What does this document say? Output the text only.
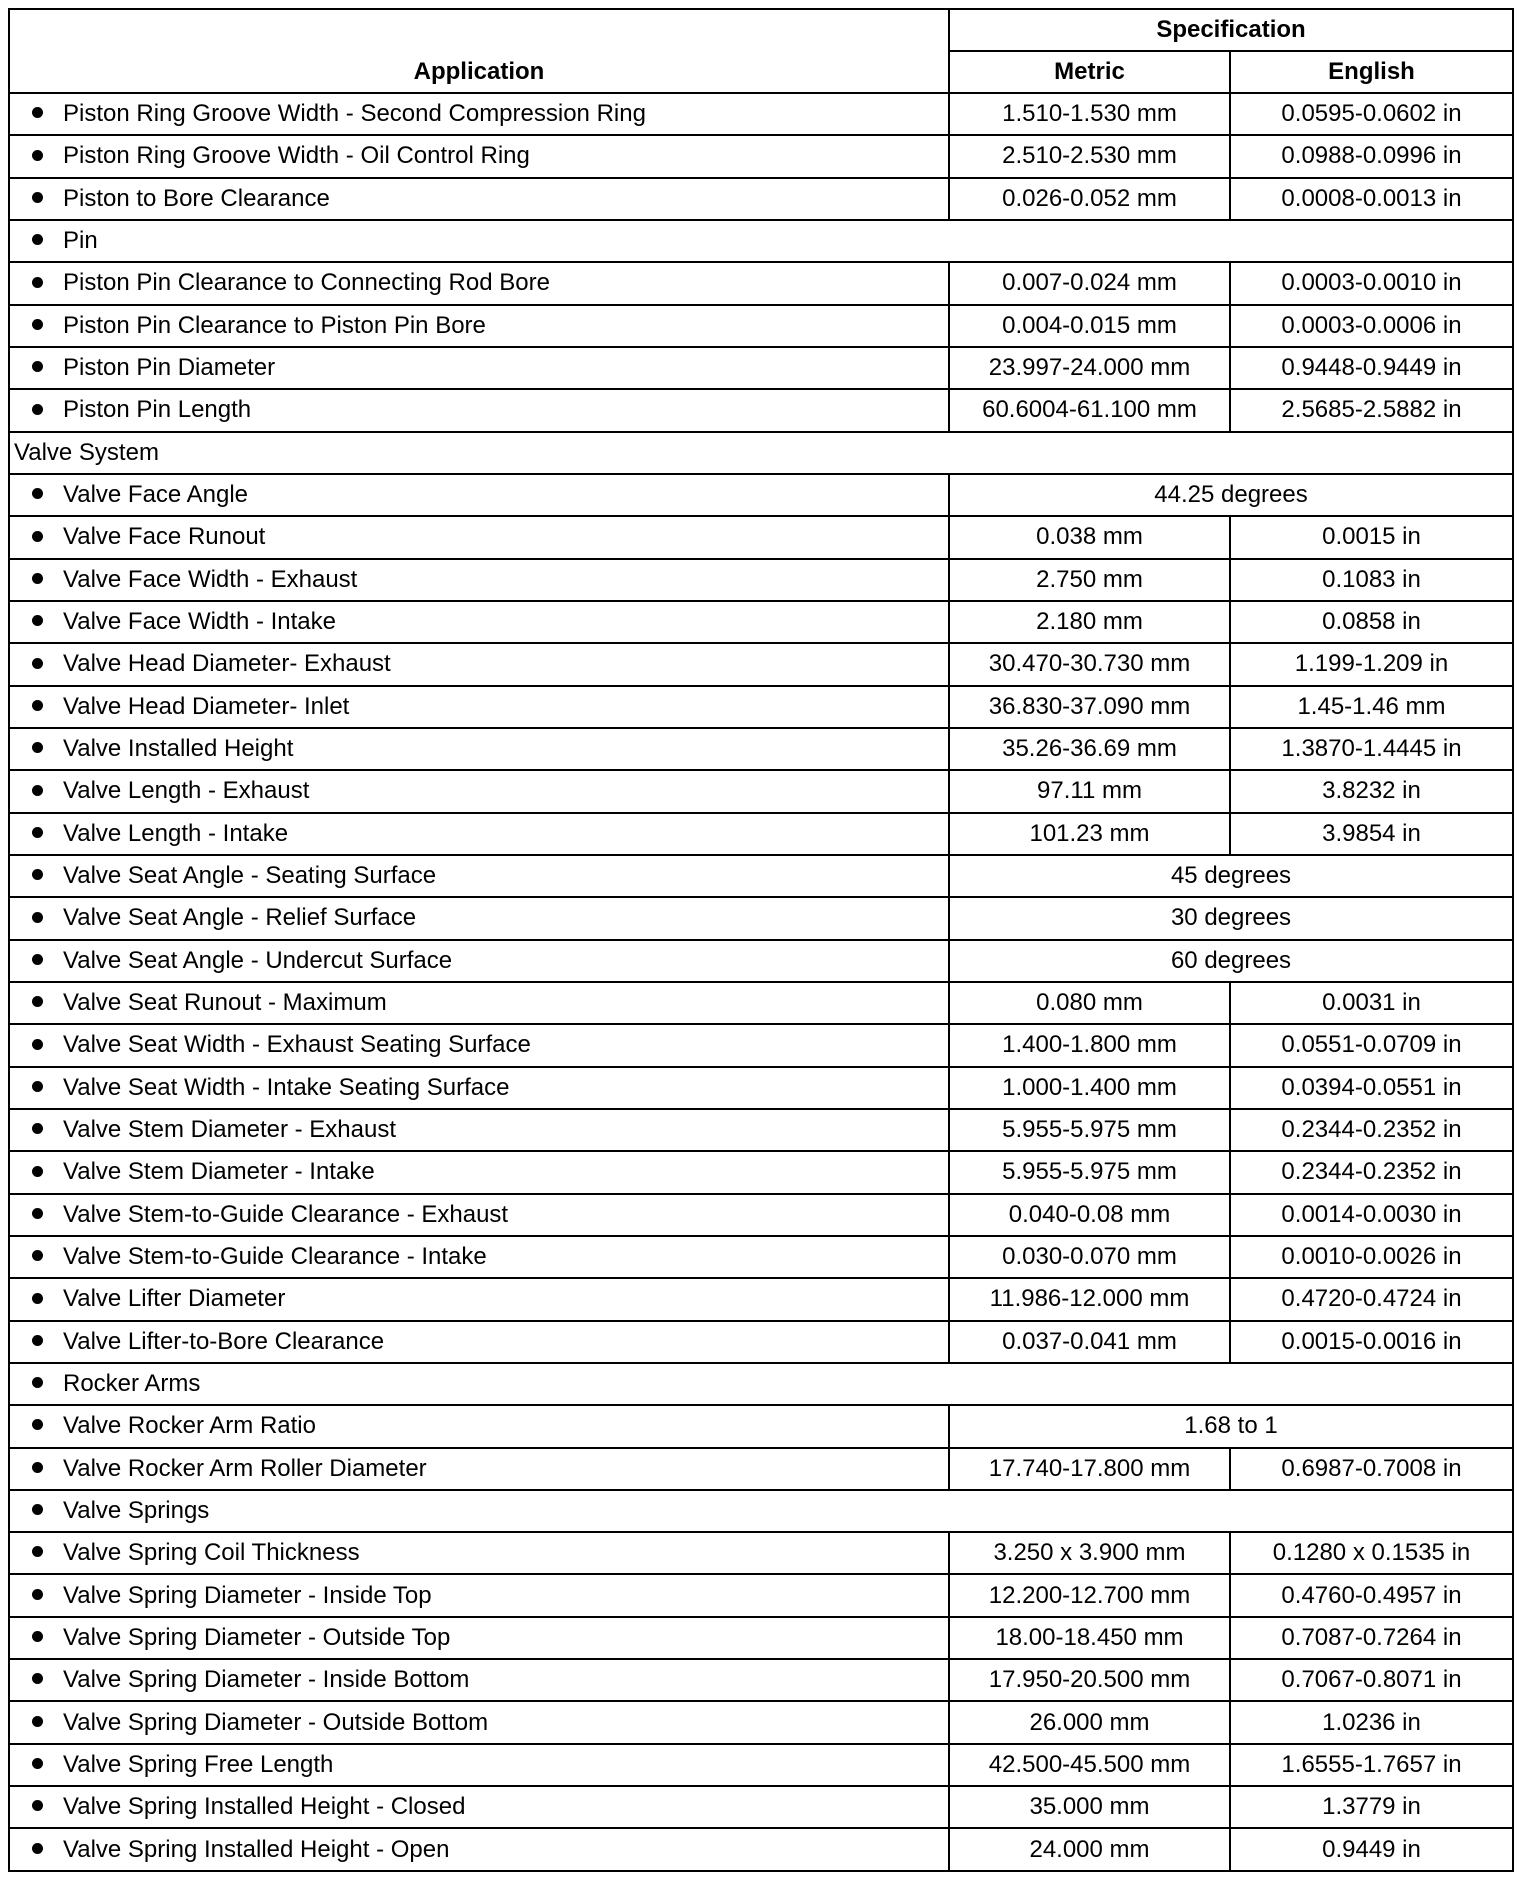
Application	Specification	
	Metric	English
Piston Ring Groove Width - Second Compression Ring	1.510-1.530 mm	0.0595-0.0602 in
Piston Ring Groove Width - Oil Control Ring	2.510-2.530 mm	0.0988-0.0996 in
Piston to Bore Clearance	0.026-0.052 mm	0.0008-0.0013 in
Pin		
Piston Pin Clearance to Connecting Rod Bore	0.007-0.024 mm	0.0003-0.0010 in
Piston Pin Clearance to Piston Pin Bore	0.004-0.015 mm	0.0003-0.0006 in
Piston Pin Diameter	23.997-24.000 mm	0.9448-0.9449 in
Piston Pin Length	60.6004-61.100 mm	2.5685-2.5882 in
Valve System		
Valve Face Angle	44.25 degrees	
Valve Face Runout	0.038 mm	0.0015 in
Valve Face Width - Exhaust	2.750 mm	0.1083 in
Valve Face Width - Intake	2.180 mm	0.0858 in
Valve Head Diameter- Exhaust	30.470-30.730 mm	1.199-1.209 in
Valve Head Diameter- Inlet	36.830-37.090 mm	1.45-1.46 mm
Valve Installed Height	35.26-36.69 mm	1.3870-1.4445 in
Valve Length - Exhaust	97.11 mm	3.8232 in
Valve Length - Intake	101.23 mm	3.9854 in
Valve Seat Angle - Seating Surface	45 degrees	
Valve Seat Angle - Relief Surface	30 degrees	
Valve Seat Angle - Undercut Surface	60 degrees	
Valve Seat Runout - Maximum	0.080 mm	0.0031 in
Valve Seat Width - Exhaust Seating Surface	1.400-1.800 mm	0.0551-0.0709 in
Valve Seat Width - Intake Seating Surface	1.000-1.400 mm	0.0394-0.0551 in
Valve Stem Diameter - Exhaust	5.955-5.975 mm	0.2344-0.2352 in
Valve Stem Diameter - Intake	5.955-5.975 mm	0.2344-0.2352 in
Valve Stem-to-Guide Clearance - Exhaust	0.040-0.08 mm	0.0014-0.0030 in
Valve Stem-to-Guide Clearance - Intake	0.030-0.070 mm	0.0010-0.0026 in
Valve Lifter Diameter	11.986-12.000 mm	0.4720-0.4724 in
Valve Lifter-to-Bore Clearance	0.037-0.041 mm	0.0015-0.0016 in
Rocker Arms		
Valve Rocker Arm Ratio	1.68 to 1	
Valve Rocker Arm Roller Diameter	17.740-17.800 mm	0.6987-0.7008 in
Valve Springs		
Valve Spring Coil Thickness	3.250 x 3.900 mm	0.1280 x 0.1535 in
Valve Spring Diameter - Inside Top	12.200-12.700 mm	0.4760-0.4957 in
Valve Spring Diameter - Outside Top	18.00-18.450 mm	0.7087-0.7264 in
Valve Spring Diameter - Inside Bottom	17.950-20.500 mm	0.7067-0.8071 in
Valve Spring Diameter - Outside Bottom	26.000 mm	1.0236 in
Valve Spring Free Length	42.500-45.500 mm	1.6555-1.7657 in
Valve Spring Installed Height - Closed	35.000 mm	1.3779 in
Valve Spring Installed Height - Open	24.000 mm	0.9449 in
